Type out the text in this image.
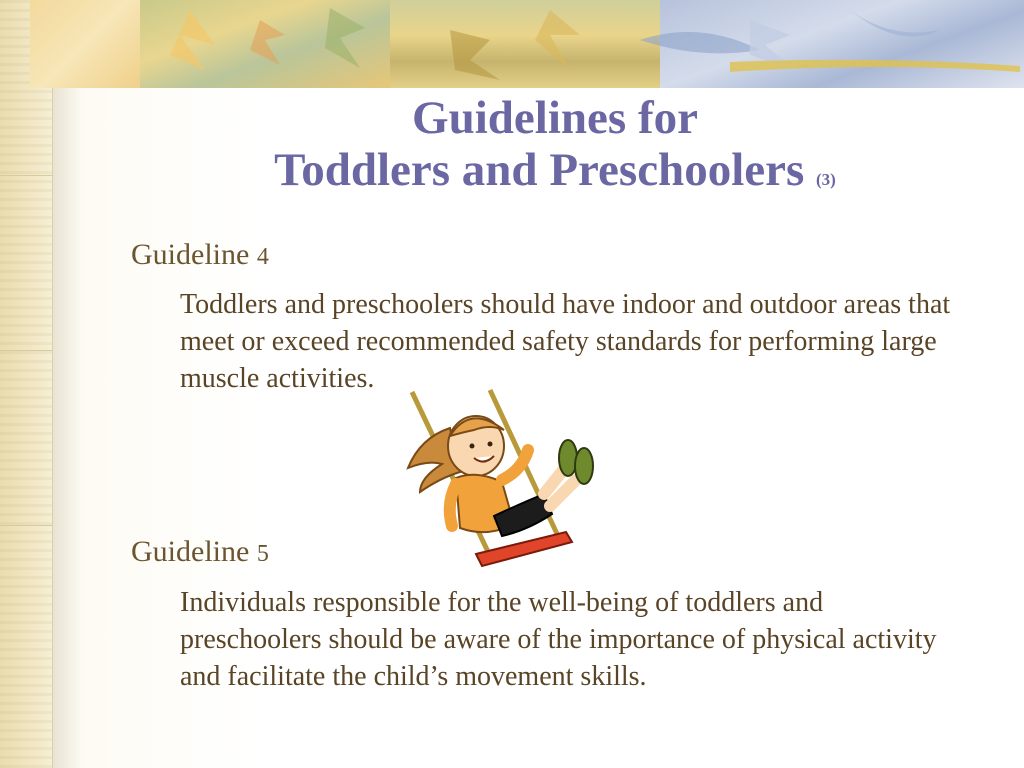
Guidelines for
Toddlers and Preschoolers (3)
Guideline 4
Toddlers and preschoolers should have indoor and outdoor areas that meet or exceed recommended safety standards for performing large muscle activities.
Guideline 5
Individuals responsible for the well-being of toddlers and preschoolers should be aware of the importance of physical activity and facilitate the child’s movement skills.
